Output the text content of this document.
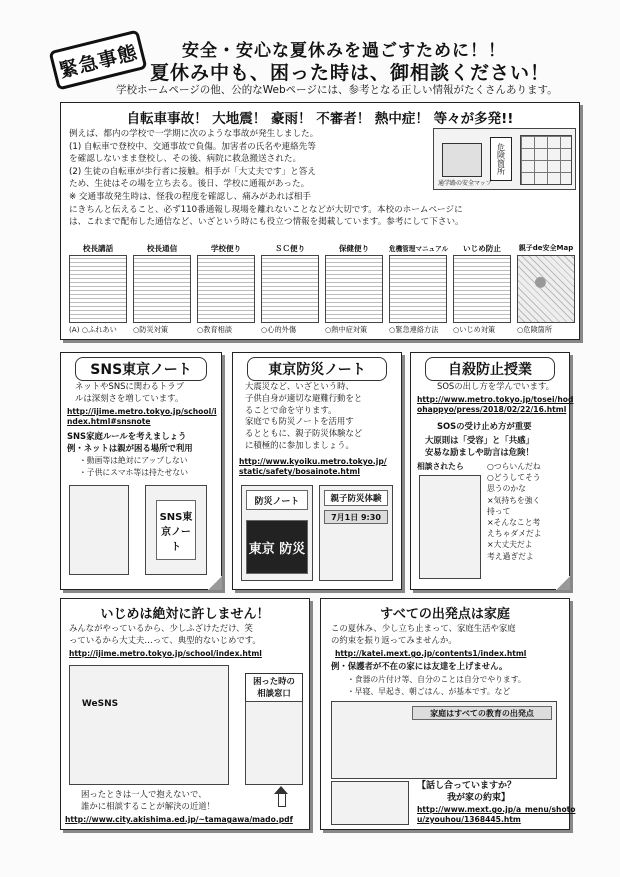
緊急事態	安全・安心な夏休みを過ごすために！！
夏休み中も、困った時は、御相談ください！
学校ホームページの他、公的なWebページには、参考となる正しい情報がたくさんあります。
自転車事故！ 大地震！ 豪雨！ 不審者！ 熱中症！ 等々が多発!!
例えば、都内の学校で一学期に次のような事故が発生しました。
(1) 自転車で登校中、交通事故で負傷。加害者の氏名や連絡先等
を確認しないまま登校し、その後、病院に救急搬送された。
(2) 生徒の自転車が歩行者に接触。相手が「大丈夫です」と答え
ため、生徒はその場を立ち去る。後日、学校に通報があった。
危険箇所
通学路の安全マップ
※ 交通事故発生時は、怪我の程度を確認し、痛みがあれば相手
にきちんと伝えること、必ず110番通報し現場を離れないことなどが大切です。本校のホームページに
は、これまで配布した通信など、いざという時にも役立つ情報を掲載しています。参考にして下さい。
校長講話
(A) ○ふれあい
校長通信
○防災対策
学校便り
○教育相談
ＳＣ便り
○心的外傷
保健便り
○熱中症対策
危機管理マニュアル
○緊急連絡方法
いじめ防止
○いじめ対策
親子de安全Map
○危険箇所
SNS東京ノート
ネットやSNSに関わるトラブ
ルは深刻さを増しています。
http://ijime.metro.tokyo.jp/school/i
ndex.html#snsnote
SNS家庭ルールを考えましょう
例・ネットは親が困る場所で利用
・動画等は絶対にアップしない
・子供にスマホ等は持たせない
SNS東京ノート
東京防災ノート
大震災など、いざという時、
子供自身が適切な避難行動をと
ることで命を守ります。
家庭でも防災ノートを活用す
るとともに、親子防災体験など
に積極的に参加しましょう。
http://www.kyoiku.metro.tokyo.jp/
static/safety/bosainote.html
防災ノート
東京 防災
親子防災体験
7月1日 9:30
自殺防止授業
SOSの出し方を学んでいます。
http://www.metro.tokyo.jp/tosei/hod
ohappyo/press/2018/02/22/16.html
SOSの受け止め方が重要
大原則は「受容」と「共感」
安易な励ましや助言は危険！
相談されたら	○つらいんだね
○どうしてそう
思うのかな
×気持ちを強く
持って
×そんなこと考
えちゃダメだよ
×大丈夫だよ
考え過ぎだよ
いじめは絶対に許しません！
みんながやっているから、少しふざけただけ、笑
っているから大丈夫…って、典型的ないじめです。
http://ijime.metro.tokyo.jp/school/index.html
WeSNS
困った時の
相談窓口
困ったときは一人で抱えないで、
誰かに相談することが解決の近道！
http://www.city.akishima.ed.jp/~tamagawa/mado.pdf
すべての出発点は家庭
この夏休み、少し立ち止まって、家庭生活や家庭
の約束を振り返ってみませんか。
http://katei.mext.go.jp/contents1/index.html
例・保護者が不在の家には友達を上げません。
・食器の片付け等、自分のことは自分でやります。
・早寝、早起き、朝ごはん、が基本です。など
家庭はすべての教育の出発点
【話し合っていますか？
我が家の約束】
http://www.mext.go.jp/a_menu/shoto
u/zyouhou/1368445.htm
